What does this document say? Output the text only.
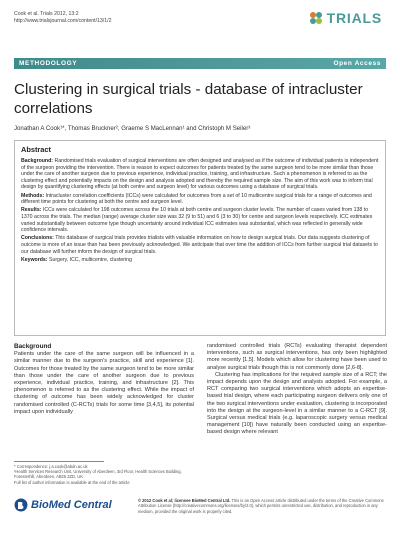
Cook et al. Trials 2012, 13:2
http://www.trialsjournal.com/content/13/1/2	TRIALS
METHODOLOGY	Open Access
Clustering in surgical trials - database of intracluster correlations
Jonathan A Cook¹*, Thomas Bruckner², Graeme S MacLennan¹ and Christoph M Seiler³
Abstract

Background: Randomised trials evaluation of surgical interventions are often designed and analysed as if the outcome of individual patients is independent of the surgeon providing the intervention. There is reason to expect outcomes for patients treated by the same surgeon tend to be more similar than those under the care of another surgeon due to previous experience, individual practice, training, and infrastructure. Such a phenomenon is referred to as the clustering effect and potentially impacts on the design and analysis adopted and thereby the required sample size. The aim of this work was to inform trial design by quantifying clustering effects (at both centre and surgeon level) for various outcomes using a database of surgical trials.

Methods: Intracluster correlation coefficients (ICCs) were calculated for outcomes from a set of 10 multicentre surgical trials for a range of outcomes and different time points for clustering at both the centre and surgeon level.

Results: ICCs were calculated for 198 outcomes across the 10 trials at both centre and surgeon cluster levels. The number of cases varied from 138 to 1370 across the trials. The median (range) average cluster size was 32 (9 to 51) and 6 (3 to 30) for centre and surgeon levels respectively. ICC estimates varied substantially between outcome type though uncertainty around individual ICC estimates was substantial, which was reflected in generally wide confidence intervals.

Conclusions: This database of surgical trials provides trialists with valuable information on how to design surgical trials. Our data suggests clustering of outcome is more of an issue than has been previously acknowledged. We anticipate that over time the addition of ICCs from further surgical trial datasets to our database will further inform the design of surgical trials.

Keywords: Surgery, ICC, multicentre, clustering

Background

Patients under the care of the same surgeon will be influenced in a similar manner due to the surgeon's practice, skill and experience [1]. Outcomes for those treated by the same surgeon tend to be more similar than those under the care of another surgeon due to previous experience, individual practice, training, and infrastructure [2]. This phenomenon is referred to as the clustering effect. While the impact of clustering of outcome has been widely acknowledged for cluster randomised controlled (C-RCTs) trials for some time [3,4,5], its potential impact upon individually

randomised controlled trials (RCTs) evaluating therapist dependent interventions, such as surgical interventions, has only been highlighted more recently [1,5]. Models which allow for clustering have been used to analyse surgical trials though this is not commonly done [2,6-8].

Clustering has implications for the required sample size of a RCT; the impact depends upon the design and analysis adopted. For example, a RCT comparing two surgical interventions which adopts an expertise-based trial design, where each participating surgeon delivers only one of the two surgical interventions under evaluation, clustering is incorporated into the design at the surgeon-level in a similar manner to a C-RCT [9]. Surgical versus medical trials (e.g. laparoscopic surgery versus medical management [10]) have naturally been conducted using an expertise-based design where relevant

* Correspondence: j.a.cook@abdn.ac.uk

¹Health Services Research Unit, University of Aberdeen, 3rd Floor, Health Sciences Building, Foresterhill, Aberdeen, AB25 2ZD, UK

Full list of author information is available at the end of the article

BioMed Central	© 2012 Cook et al; licensee BioMed Central Ltd. This is an Open Access article distributed under the terms of the Creative Commons Attribution License (http://creativecommons.org/licenses/by/2.0), which permits unrestricted use, distribution, and reproduction in any medium, provided the original work is properly cited.
